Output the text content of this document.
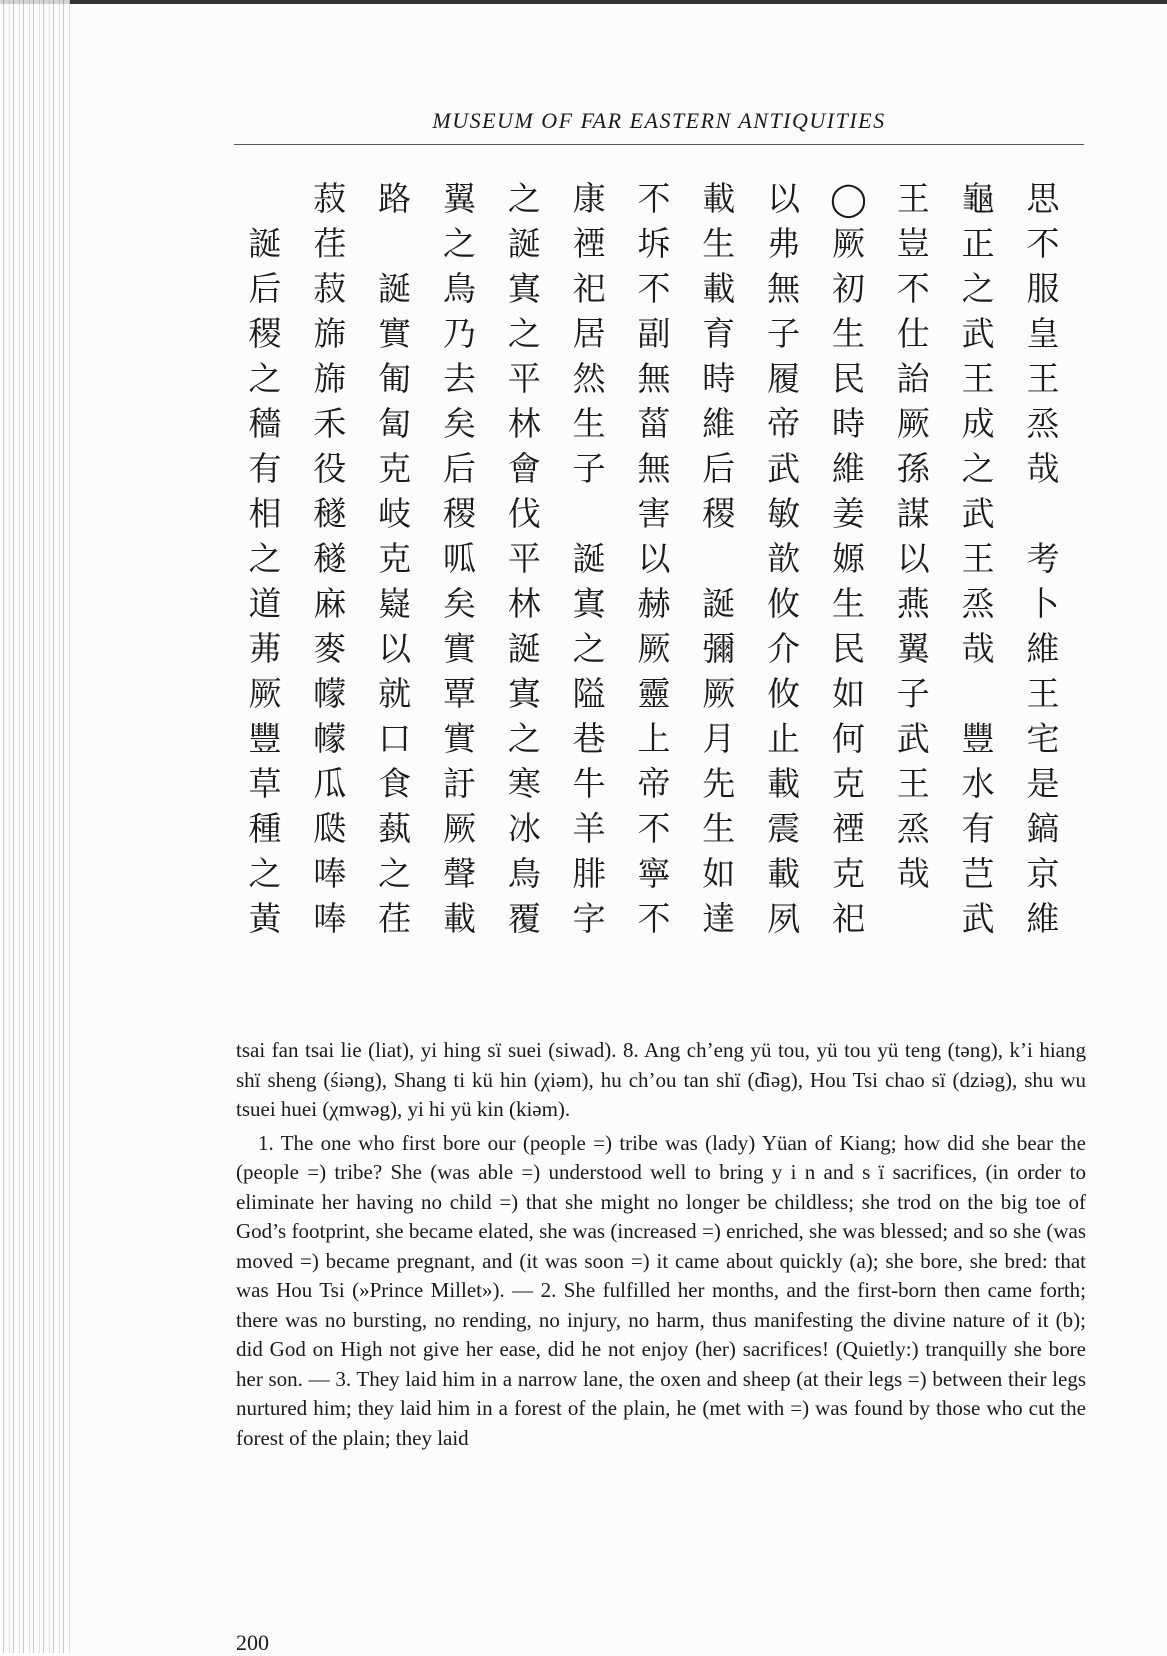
MUSEUM OF FAR EASTERN ANTIQUITIES
思
不
服
皇
王
烝
哉
考
卜
維
王
宅
是
鎬
京
維
龜
正
之
武
王
成
之
武
王
烝
哉
豐
水
有
芑
武
王
豈
不
仕
詒
厥
孫
謀
以
燕
翼
子
武
王
烝
哉
◯
厥
初
生
民
時
維
姜
嫄
生
民
如
何
克
禋
克
祀
以
弗
無
子
履
帝
武
敏
歆
攸
介
攸
止
載
震
載
夙
載
生
載
育
時
維
后
稷
誕
彌
厥
月
先
生
如
達
不
坼
不
副
無
菑
無
害
以
赫
厥
靈
上
帝
不
寧
不
康
禋
祀
居
然
生
子
誕
寘
之
隘
巷
牛
羊
腓
字
之
誕
寘
之
平
林
會
伐
平
林
誕
寘
之
寒
冰
鳥
覆
翼
之
鳥
乃
去
矣
后
稷
呱
矣
實
覃
實
訏
厥
聲
載
路
誕
實
匍
匐
克
岐
克
嶷
以
就
口
食
蓺
之
荏
菽
荏
菽
旆
旆
禾
役
穟
穟
麻
麥
幪
幪
瓜
瓞
唪
唪
誕
后
稷
之
穡
有
相
之
道
茀
厥
豐
草
種
之
黃

tsai fan tsai lie (liat), yi hing sï suei (siwad). 8. Ang ch’eng yü tou, yü tou yü teng (təng), k’i hiang shï sheng (śiəng), Shang ti kü hin (χiəm), hu ch’ou tan shï (d̑iəg), Hou Tsi chao sï (dziəg), shu wu tsuei huei (χmwəg), yi hi yü kin (kiəm).

1. The one who first bore our (people =) tribe was (lady) Yüan of Kiang; how did she bear the (people =) tribe? She (was able =) understood well to bring y i n and s ï sacrifices, (in order to eliminate her having no child =) that she might no longer be childless; she trod on the big toe of God’s footprint, she became elated, she was (increased =) enriched, she was blessed; and so she (was moved =) became pregnant, and (it was soon =) it came about quickly (a); she bore, she bred: that was Hou Tsi (»Prince Millet»). — 2. She fulfilled her months, and the first-born then came forth; there was no bursting, no rending, no injury, no harm, thus manifesting the divine nature of it (b); did God on High not give her ease, did he not enjoy (her) sacrifices! (Quietly:) tranquilly she bore her son. — 3. They laid him in a narrow lane, the oxen and sheep (at their legs =) between their legs nurtured him; they laid him in a forest of the plain, he (met with =) was found by those who cut the forest of the plain; they laid

200
